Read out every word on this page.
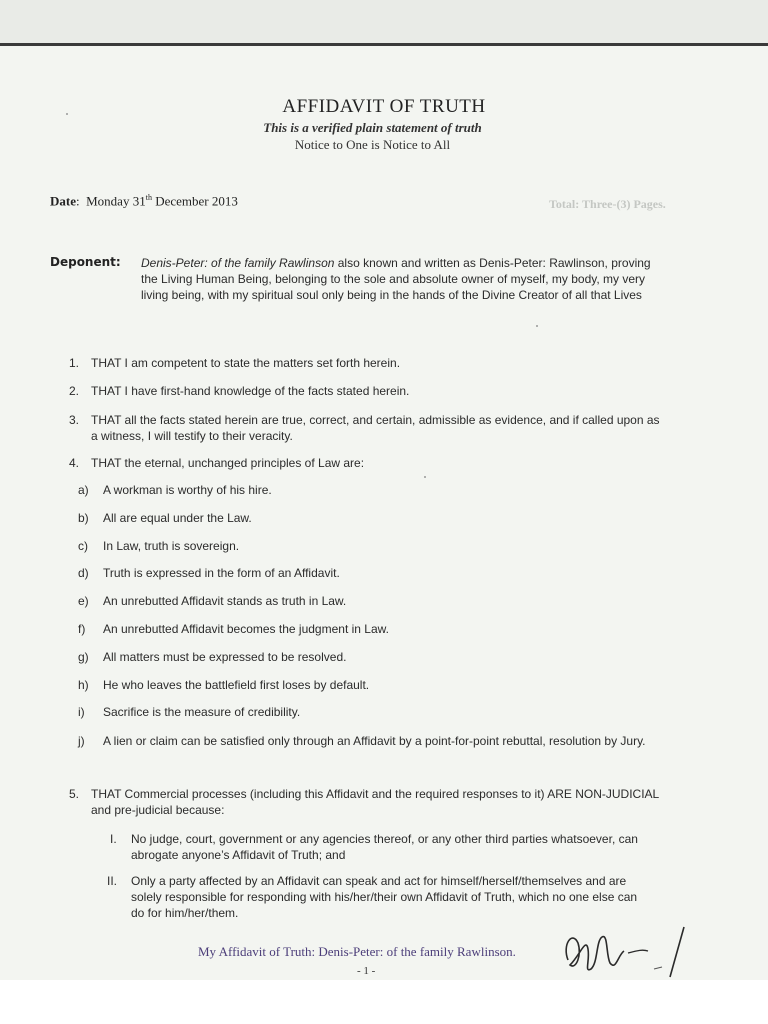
AFFIDAVIT OF TRUTH
This is a verified plain statement of truth
Notice to One is Notice to All
Date:  Monday 31th December 2013	Total: Three-(3) Pages.
Deponent: Denis-Peter: of the family Rawlinson also known and written as Denis-Peter: Rawlinson, proving
the Living Human Being, belonging to the sole and absolute owner of myself, my body, my very
living being, with my spiritual soul only being in the hands of the Divine Creator of all that Lives
1. THAT I am competent to state the matters set forth herein.
2. THAT I have first-hand knowledge of the facts stated herein.
3. THAT all the facts stated herein are true, correct, and certain, admissible as evidence, and if called upon as
a witness, I will testify to their veracity.
4. THAT the eternal, unchanged principles of Law are:
a) A workman is worthy of his hire.
b) All are equal under the Law.
c) In Law, truth is sovereign.
d) Truth is expressed in the form of an Affidavit.
e) An unrebutted Affidavit stands as truth in Law.
f) An unrebutted Affidavit becomes the judgment in Law.
g) All matters must be expressed to be resolved.
h) He who leaves the battlefield first loses by default.
i) Sacrifice is the measure of credibility.
j) A lien or claim can be satisfied only through an Affidavit by a point-for-point rebuttal, resolution by Jury.
5. THAT Commercial processes (including this Affidavit and the required responses to it) ARE NON-JUDICIAL
and pre-judicial because:
I. No judge, court, government or any agencies thereof, or any other third parties whatsoever, can
abrogate anyone’s Affidavit of Truth; and
II. Only a party affected by an Affidavit can speak and act for himself/herself/themselves and are
solely responsible for responding with his/her/their own Affidavit of Truth, which no one else can
do for him/her/them.
My Affidavit of Truth: Denis-Peter: of the family Rawlinson.
- 1 -
